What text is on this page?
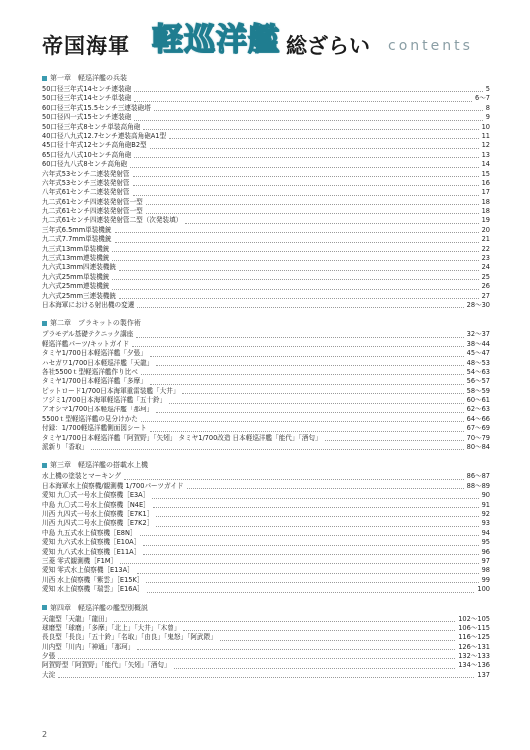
帝国海軍 軽巡洋艦 総ざらい contents
第一章　軽巡洋艦の兵装
50口径三年式14センチ連装砲	5
50口径三年式14センチ単装砲	6～7
60口径三年式15.5センチ三連装砲塔	8
50口径四一式15センチ連装砲	9
50口径三年式8センチ単装高角砲	10
40口径八九式12.7センチ連装高角砲A1型	11
45口径十年式12センチ高角砲B2型	12
65口径九八式10センチ高角砲	13
60口径九八式8センチ高角砲	14
六年式53センチ二連装発射管	15
六年式53センチ三連装発射管	16
八年式61センチ二連装発射管	17
九二式61センチ四連装発射管一型	18
九二式61センチ四連装発射管一型	18
九二式61センチ四連装発射管二型（次発装填）	19
三年式6.5mm単装機銃	20
九二式7.7mm単装機銃	21
九三式13mm単装機銃	22
九三式13mm連装機銃	23
九六式13mm四連装機銃	24
九六式25mm単装機銃	25
九六式25mm連装機銃	26
九六式25mm三連装機銃	27
日本海軍における射出機の変遷	28～30
第二章　プラキットの製作術
プラモデル基礎テクニック講座	32～37
軽巡洋艦パーツ/キットガイド	38～44
タミヤ1/700日本軽巡洋艦「夕張」	45～47
ハセガワ1/700日本軽巡洋艦「天龍」	48～53
各社5500ｔ型軽巡洋艦作り比べ	54～63
タミヤ1/700日本軽巡洋艦「多摩」	56～57
ピットロード1/700日本海軍重雷装艦「大井」	58～59
フジミ1/700日本海軍軽巡洋艦「五十鈴」	60～61
アオシマ1/700日本軽巡洋艦「那珂」	62～63
5500ｔ型軽巡洋艦の見分けかた	64～66
付録：1/700軽巡洋艦側面図シート	67～69
タミヤ1/700日本軽巡洋艦「阿賀野」「矢矧」 タミヤ1/700改造 日本軽巡洋艦「能代」「酒匂」	70～79
派新り「香取」	80～84
第三章　軽巡洋艦の搭載水上機
水上機の塗装とマーキング	86～87
日本海軍水上偵察機/観測機 1/700パーツガイド	88～89
愛知 九〇式一号水上偵察機［E3A］	90
中島 九〇式二号水上偵察機［N4E］	91
川西 九四式一号水上偵察機［E7K1］	92
川西 九四式二号水上偵察機［E7K2］	93
中島 九五式水上偵察機［E8N］	94
愛知 九六式水上偵察機［E10A］	95
愛知 九八式水上偵察機［E11A］	96
三菱 零式観測機［F1M］	97
愛知 零式水上偵察機［E13A］	98
川西 水上偵察機「紫雲」［E15K］	99
愛知 水上偵察機「瑞雲」［E16A］	100
第四章　軽巡洋艦の艦型別概説
天龍型「天龍」「龍田」	102～105
球磨型「球磨」「多摩」「北上」「大井」「木曾」	106～115
長良型「長良」「五十鈴」「名取」「由良」「鬼怒」「阿武隈」	116～125
川内型「川内」「神通」「那珂」	126～131
夕張	132～133
阿賀野型「阿賀野」「能代」「矢矧」「酒匂」	134～136
大淀	137
2
